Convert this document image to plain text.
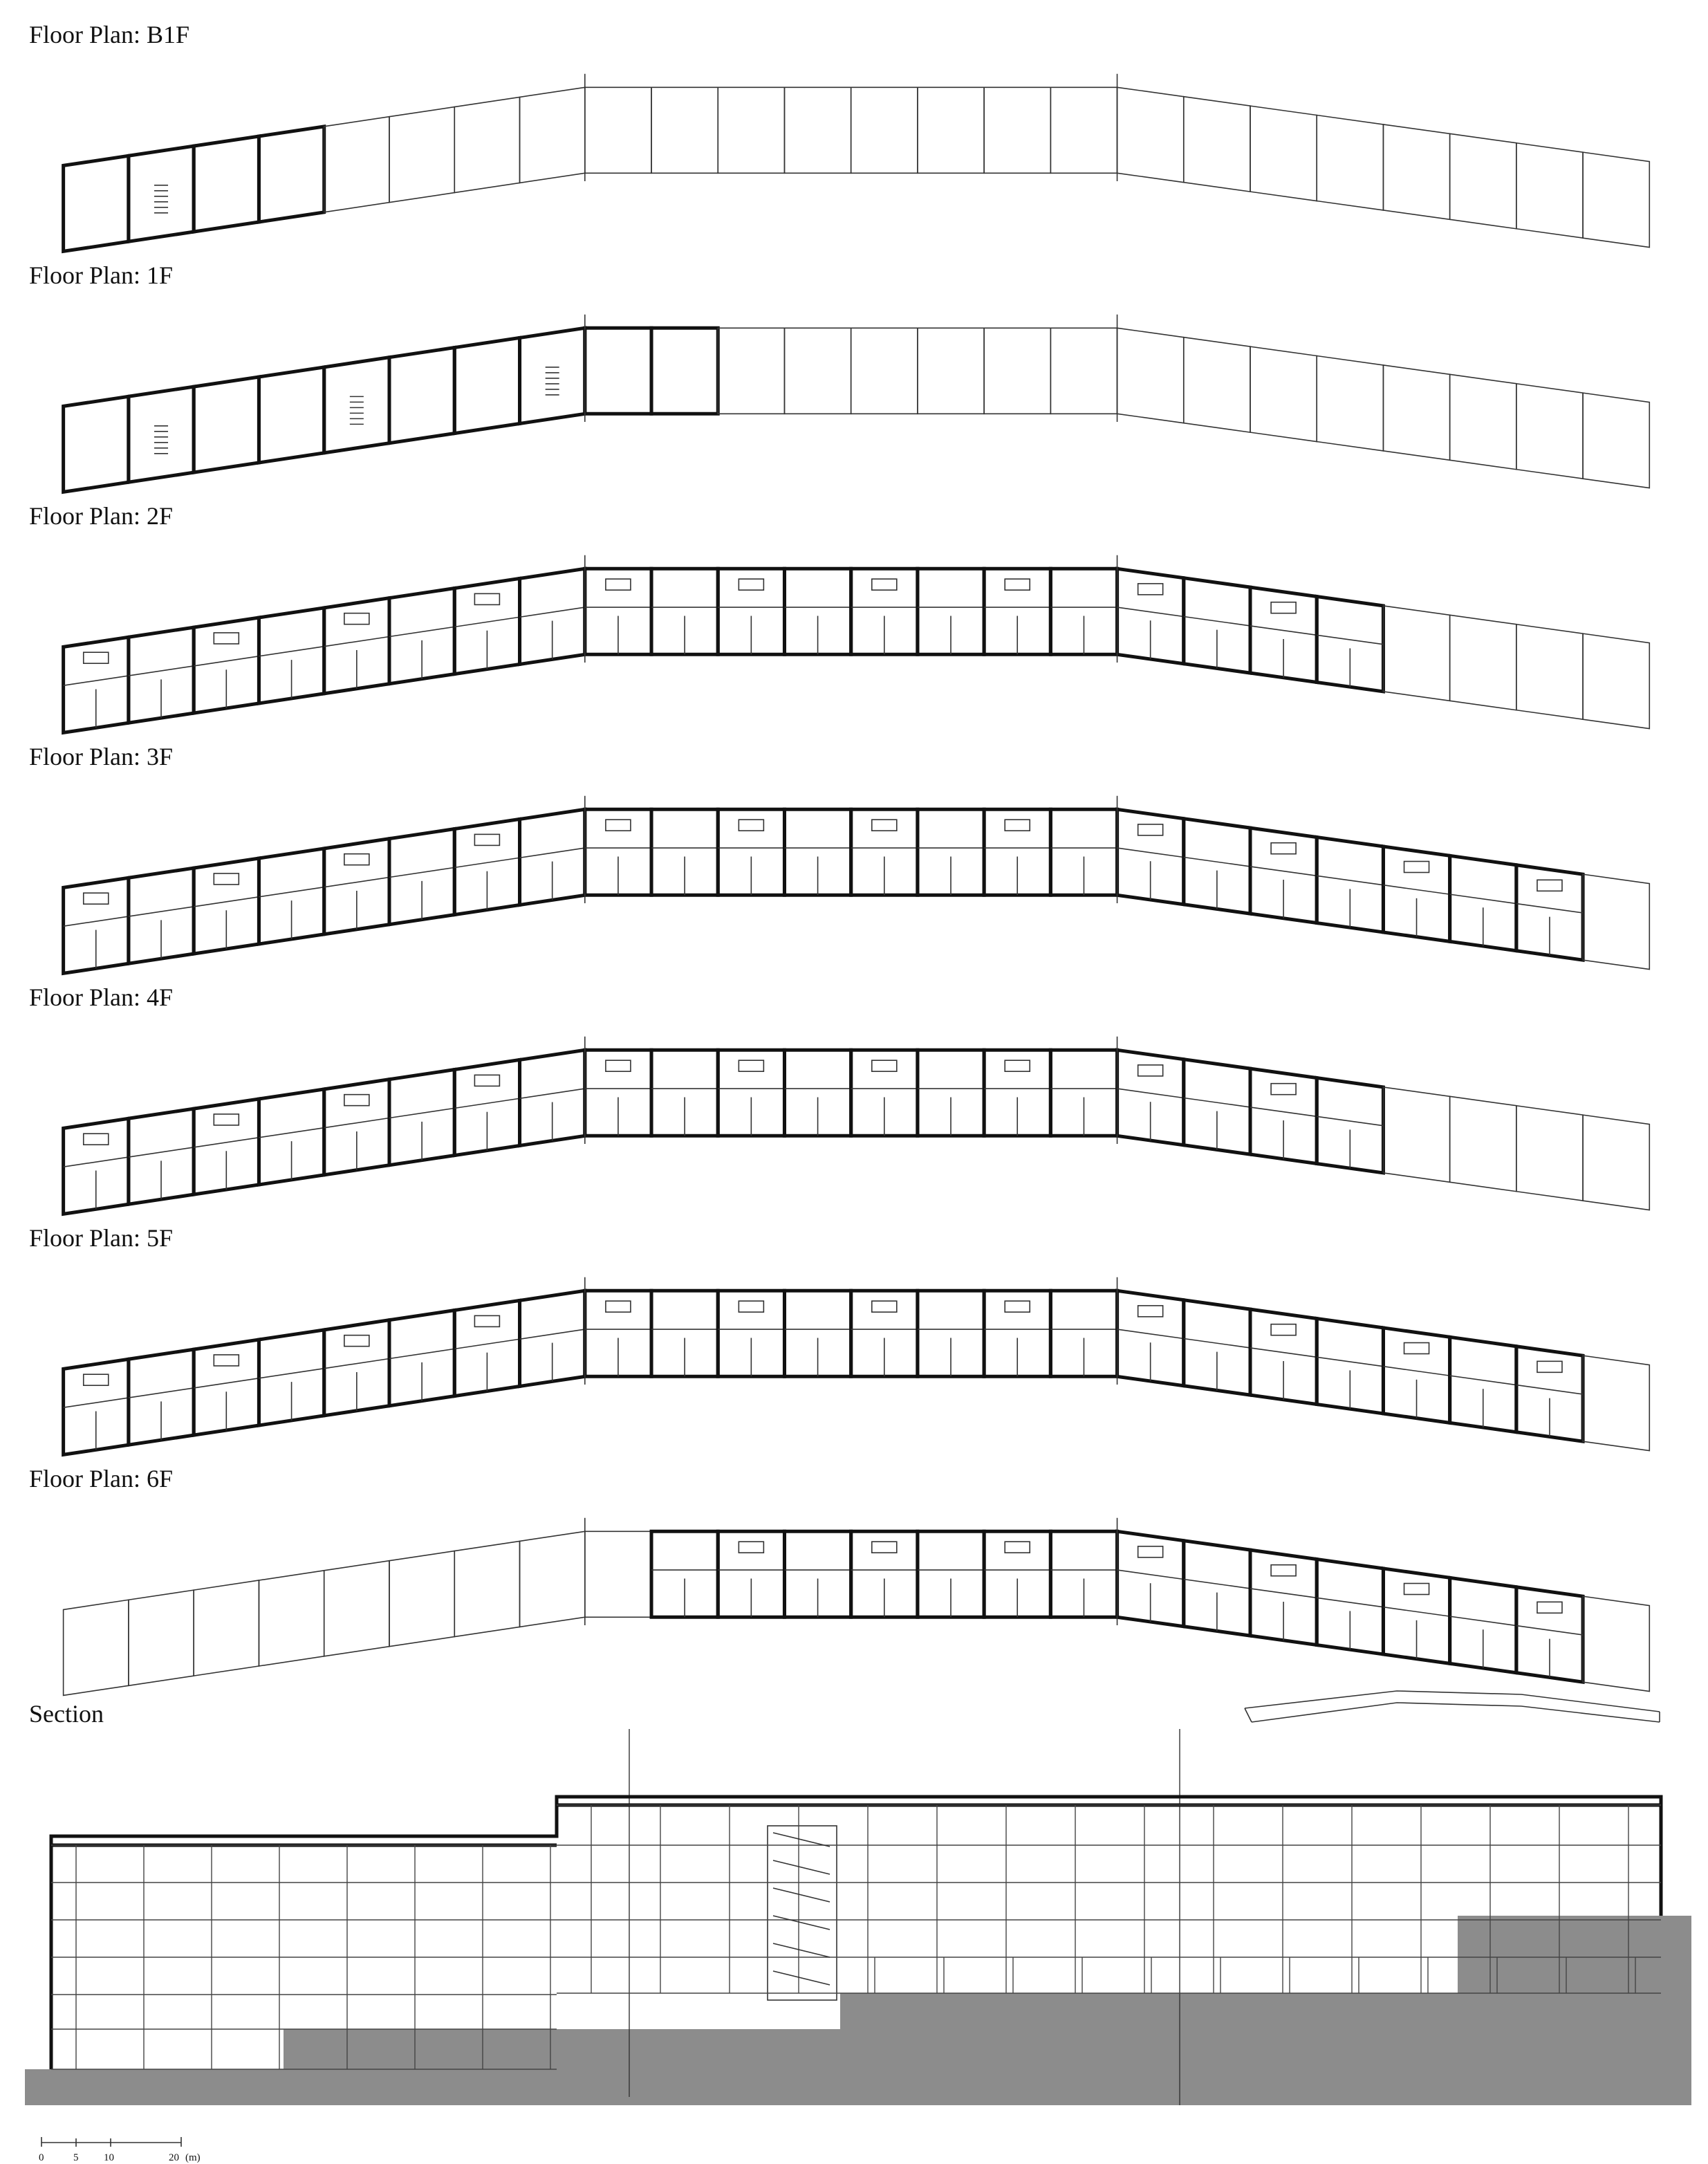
Floor Plan: B1F
Floor Plan: 1F
Floor Plan: 2F
Floor Plan: 3F
Floor Plan: 4F
Floor Plan: 5F
Floor Plan: 6F
Section
0	5 10	20 (m)
